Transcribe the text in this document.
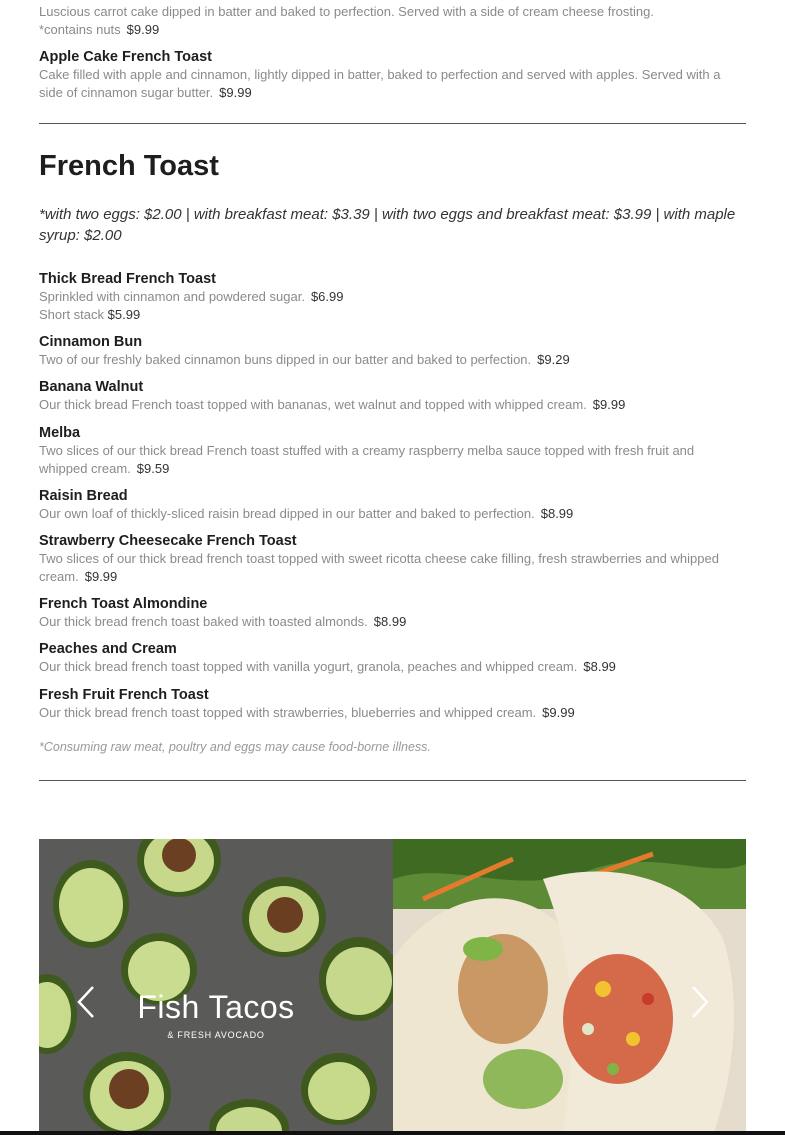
Luscious carrot cake dipped in batter and baked to perfection. Served with a side of cream cheese frosting.
*contains nuts $9.99
Apple Cake French Toast
Cake filled with apple and cinnamon, lightly dipped in batter, baked to perfection and served with apples. Served with a side of cinnamon sugar butter. $9.99
French Toast
*with two eggs: $2.00 | with breakfast meat: $3.39 | with two eggs and breakfast meat: $3.99 | with maple syrup: $2.00
Thick Bread French Toast
Sprinkled with cinnamon and powdered sugar. $6.99
Short stack $5.99
Cinnamon Bun
Two of our freshly baked cinnamon buns dipped in our batter and baked to perfection. $9.29
Banana Walnut
Our thick bread French toast topped with bananas, wet walnut and topped with whipped cream. $9.99
Melba
Two slices of our thick bread French toast stuffed with a creamy raspberry melba sauce topped with fresh fruit and whipped cream. $9.59
Raisin Bread
Our own loaf of thickly-sliced raisin bread dipped in our batter and baked to perfection. $8.99
Strawberry Cheesecake French Toast
Two slices of our thick bread french toast topped with sweet ricotta cheese cake filling, fresh strawberries and whipped cream. $9.99
French Toast Almondine
Our thick bread french toast baked with toasted almonds. $8.99
Peaches and Cream
Our thick bread french toast topped with vanilla yogurt, granola, peaches and whipped cream. $8.99
Fresh Fruit French Toast
Our thick bread french toast topped with strawberries, blueberries and whipped cream. $9.99
*Consuming raw meat, poultry and eggs may cause food-borne illness.
Fish Tacos
& FRESH AVOCADO
